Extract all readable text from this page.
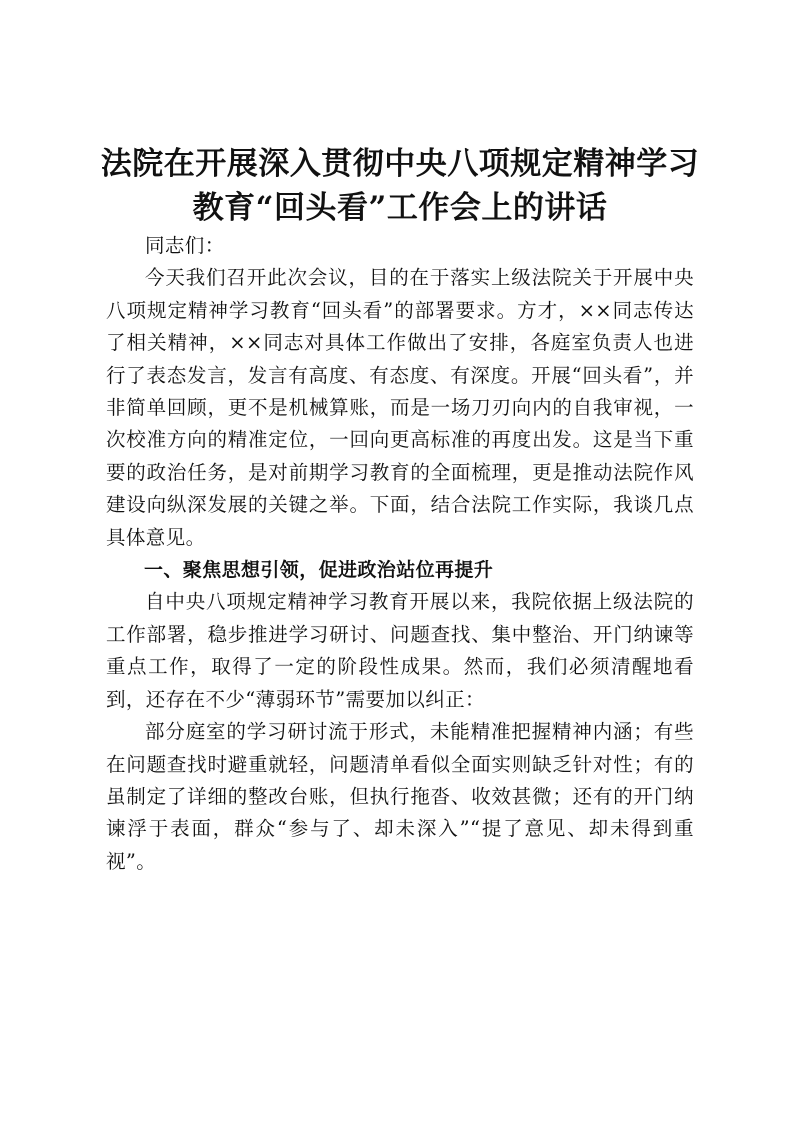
法院在开展深入贯彻中央八项规定精神学习教育“回头看”工作会上的讲话

同志们：

今天我们召开此次会议，目的在于落实上级法院关于开展中央八项规定精神学习教育“回头看”的部署要求。方才，××同志传达了相关精神，××同志对具体工作做出了安排，各庭室负责人也进行了表态发言，发言有高度、有态度、有深度。开展“回头看”，并非简单回顾，更不是机械算账，而是一场刀刃向内的自我审视，一次校准方向的精准定位，一回向更高标准的再度出发。这是当下重要的政治任务，是对前期学习教育的全面梳理，更是推动法院作风建设向纵深发展的关键之举。下面，结合法院工作实际，我谈几点具体意见。

一、聚焦思想引领，促进政治站位再提升

自中央八项规定精神学习教育开展以来，我院依据上级法院的工作部署，稳步推进学习研讨、问题查找、集中整治、开门纳谏等重点工作，取得了一定的阶段性成果。然而，我们必须清醒地看到，还存在不少“薄弱环节”需要加以纠正：

部分庭室的学习研讨流于形式，未能精准把握精神内涵；有些在问题查找时避重就轻，问题清单看似全面实则缺乏针对性；有的虽制定了详细的整改台账，但执行拖沓、收效甚微；还有的开门纳谏浮于表面，群众“参与了、却未深入”“提了意见、却未得到重视”。
